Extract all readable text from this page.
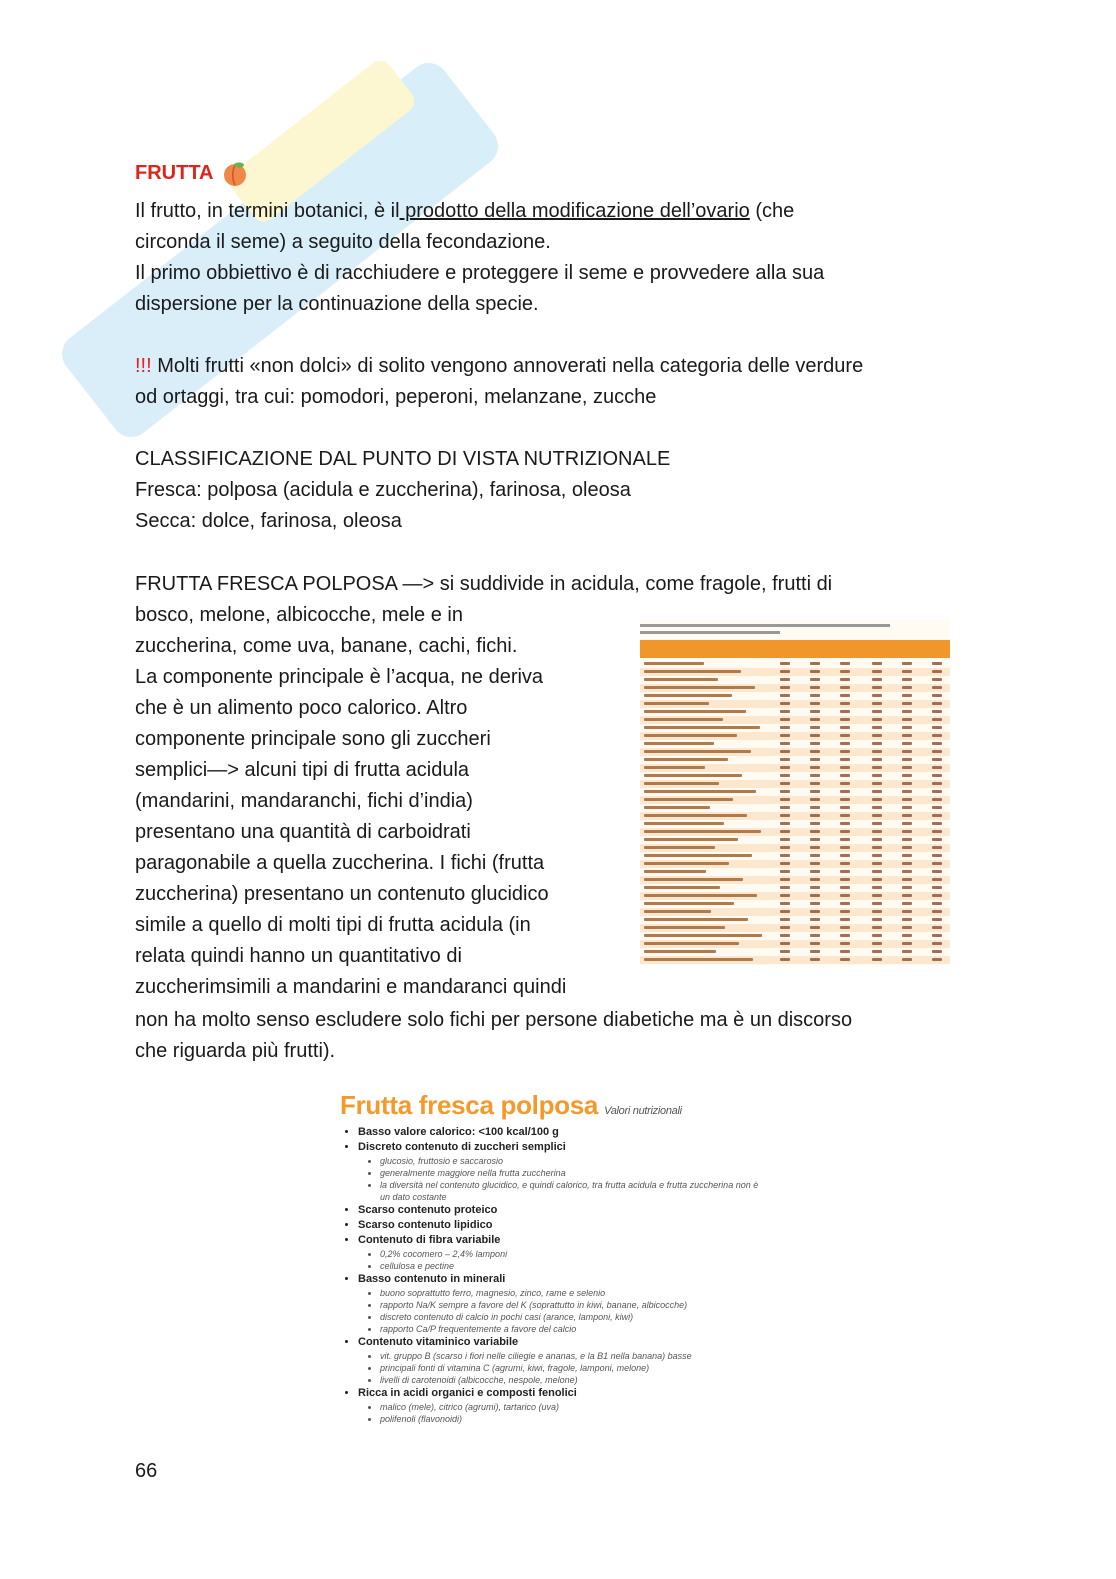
FRUTTA

Il frutto, in termini botanici, è il prodotto della modificazione dell’ovario (che

circonda il seme) a seguito della fecondazione.

Il primo obbiettivo è di racchiudere e proteggere il seme e provvedere alla sua

dispersione per la continuazione della specie.

!!! Molti frutti «non dolci» di solito vengono annoverati nella categoria delle verdure

od ortaggi, tra cui: pomodori, peperoni, melanzane, zucche

CLASSIFICAZIONE DAL PUNTO DI VISTA NUTRIZIONALE

Fresca: polposa (acidula e zuccherina), farinosa, oleosa

Secca: dolce, farinosa, oleosa

FRUTTA FRESCA POLPOSA —> si suddivide in acidula, come fragole, frutti di

bosco, melone, albicocche, mele e in

zuccherina, come uva, banane, cachi, fichi.

La componente principale è l’acqua, ne deriva

che è un alimento poco calorico. Altro

componente principale sono gli zuccheri

semplici—> alcuni tipi di frutta acidula

(mandarini, mandaranchi, fichi d’india)

presentano una quantità di carboidrati

paragonabile a quella zuccherina. I fichi (frutta

zuccherina) presentano un contenuto glucidico

simile a quello di molti tipi di frutta acidula (in

relata quindi hanno un quantitativo di

zuccherimsimili a mandarini e mandaranci quindi

non ha molto senso escludere solo fichi per persone diabetiche ma è un discorso

che riguarda più frutti).

Frutta fresca polposa Valori nutrizionali
• Basso valore calorico: <100 kcal/100 g
• Discreto contenuto di zuccheri semplici
• glucosio, fruttosio e saccarosio
• generalmente maggiore nella frutta zuccherina
• la diversità nel contenuto glucidico, e quindi calorico, tra frutta acidula e frutta zuccherina non è un dato costante
• Scarso contenuto proteico
• Scarso contenuto lipidico
• Contenuto di fibra variabile
• 0,2% cocomero – 2,4% lamponi
• cellulosa e pectine
• Basso contenuto in minerali
• buono soprattutto ferro, magnesio, zinco, rame e selenio
• rapporto Na/K sempre a favore del K (soprattutto in kiwi, banane, albicocche)
• discreto contenuto di calcio in pochi casi (arance, lamponi, kiwi)
• rapporto Ca/P frequentemente a favore del calcio
• Contenuto vitaminico variabile
• vit. gruppo B (scarso i fiori nelle ciliegie e ananas, e la B1 nella banana) basse
• principali fonti di vitamina C (agrumi, kiwi, fragole, lamponi, melone)
• livelli di carotenoidi (albicocche, nespole, melone)
• Ricca in acidi organici e composti fenolici
• malico (mele), citrico (agrumi), tartarico (uva)
• polifenoli (flavonoidi)
66
